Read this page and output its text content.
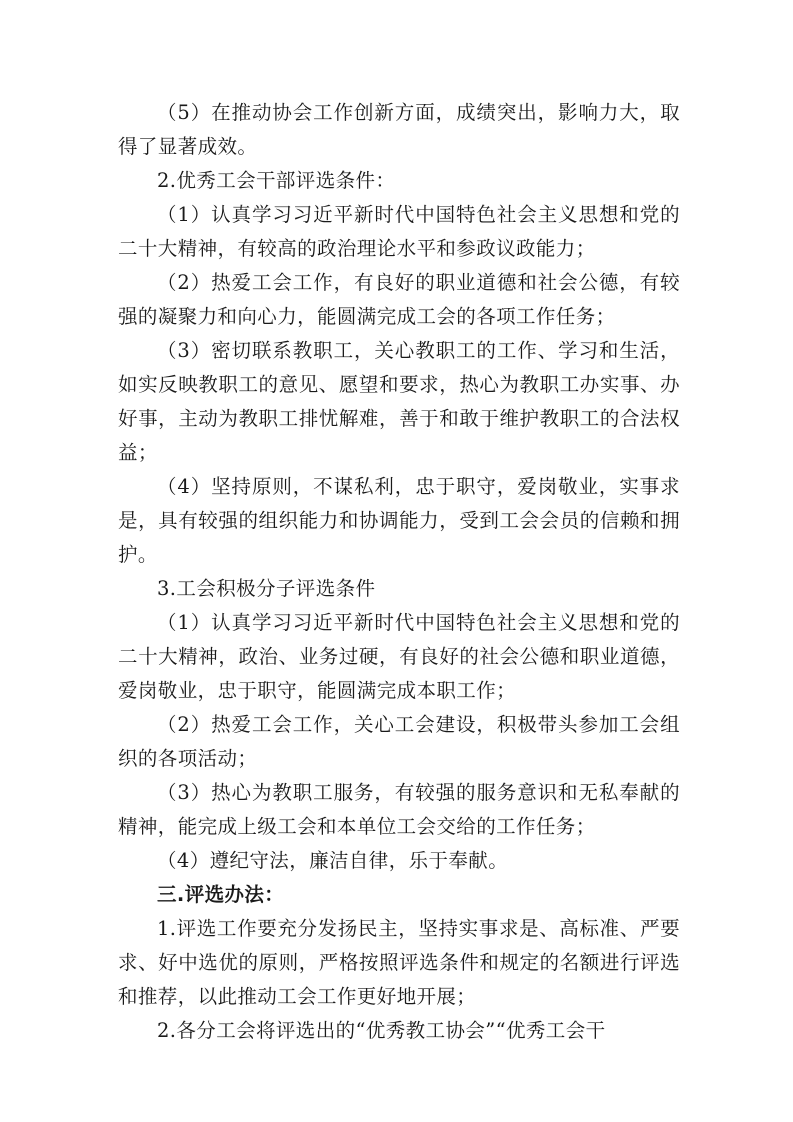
（5）在推动协会工作创新方面，成绩突出，影响力大，取得了显著成效。

2.优秀工会干部评选条件：

（1）认真学习习近平新时代中国特色社会主义思想和党的二十大精神，有较高的政治理论水平和参政议政能力；

（2）热爱工会工作，有良好的职业道德和社会公德，有较强的凝聚力和向心力，能圆满完成工会的各项工作任务；

（3）密切联系教职工，关心教职工的工作、学习和生活，如实反映教职工的意见、愿望和要求，热心为教职工办实事、办好事，主动为教职工排忧解难，善于和敢于维护教职工的合法权益；

（4）坚持原则，不谋私利，忠于职守，爱岗敬业，实事求是，具有较强的组织能力和协调能力，受到工会会员的信赖和拥护。

3.工会积极分子评选条件

（1）认真学习习近平新时代中国特色社会主义思想和党的二十大精神，政治、业务过硬，有良好的社会公德和职业道德，爱岗敬业，忠于职守，能圆满完成本职工作；

（2）热爱工会工作，关心工会建设，积极带头参加工会组织的各项活动；

（3）热心为教职工服务，有较强的服务意识和无私奉献的精神，能完成上级工会和本单位工会交给的工作任务；

（4）遵纪守法，廉洁自律，乐于奉献。

三.评选办法：

1.评选工作要充分发扬民主，坚持实事求是、高标准、严要求、好中选优的原则，严格按照评选条件和规定的名额进行评选和推荐，以此推动工会工作更好地开展；

2.各分工会将评选出的“优秀教工协会”“优秀工会干
